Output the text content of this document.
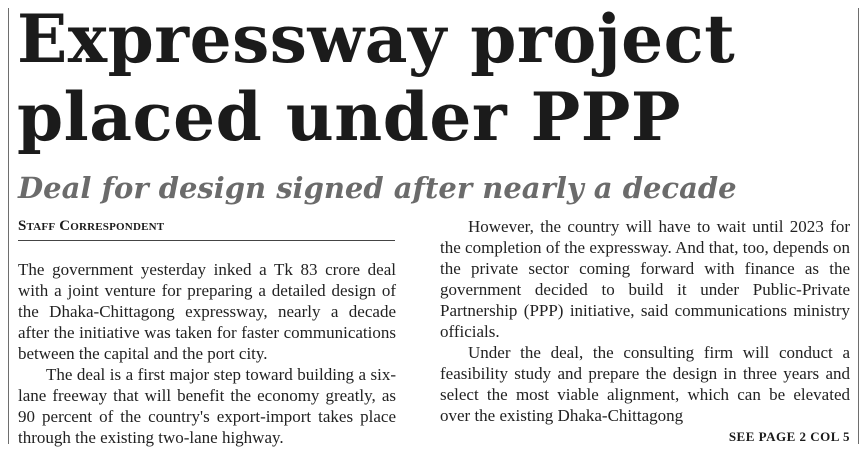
Expressway project
placed under PPP
Deal for design signed after nearly a decade
Staff Correspondent

The government yesterday inked a Tk 83 crore deal with a joint venture for preparing a detailed design of the Dhaka-Chittagong expressway, nearly a decade after the initiative was taken for faster communications between the capital and the port city.

The deal is a first major step toward building a six-lane freeway that will benefit the economy greatly, as 90 percent of the country's export-import takes place through the existing two-lane highway.

However, the country will have to wait until 2023 for the completion of the expressway. And that, too, depends on the private sector coming forward with finance as the government decided to build it under Public-Private Partnership (PPP) initiative, said communications ministry officials.

Under the deal, the consulting firm will conduct a feasibility study and prepare the design in three years and select the most viable alignment, which can be elevated over the existing Dhaka-Chittagong

SEE PAGE 2 COL 5
